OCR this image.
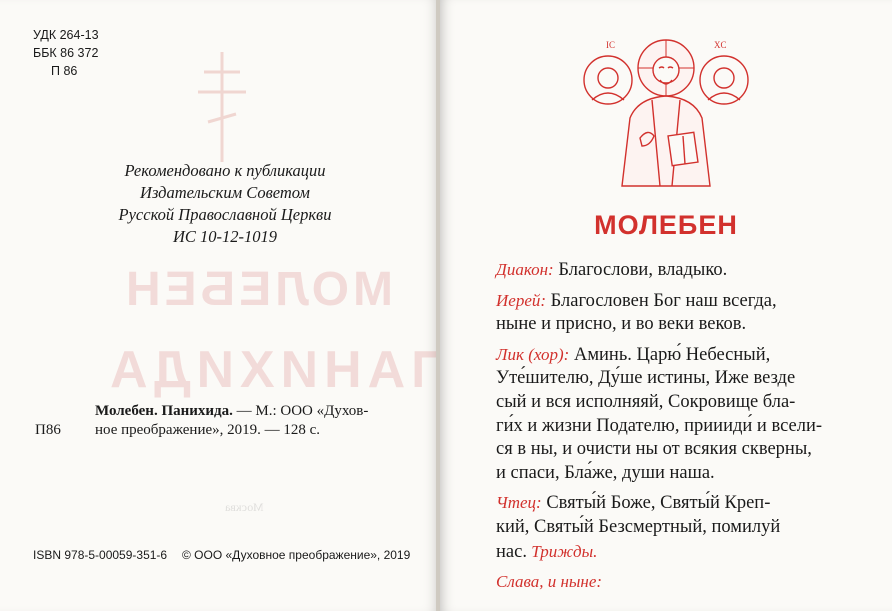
МОЛЕБЕН
ПАНИХИДА
Москва
УДК 264-13
ББК 86 372
П 86
Рекомендовано к публикации
Издательским Советом
Русской Православной Церкви
ИС 10-12-1019
П86
Молебен. Панихида. — М.: ООО «Духов-
ное преображение», 2019. — 128 с.
ISBN 978-5-00059-351-6 © ООО «Духовное преображение», 2019
IC	XC
МОЛЕБЕН
Диакон: Благослови, владыко.
Иерей: Благословен Бог наш всегда,
ныне и присно, и во веки веков.
Лик (хор): Аминь. Царю́ Небесный,
Уте́шителю, Ду́ше истины, Иже везде
сый и вся исполняяй, Сокровище бла-
ги́х и жизни Подателю, приииди́ и всели-
ся в ны, и очисти ны от всякия скверны,
и спаси, Бла́же, души наша.
Чтец: Святы́й Боже, Святы́й Креп-
кий, Святы́й Безсмертный, помилуй
нас. Трижды.
Слава, и ныне:
